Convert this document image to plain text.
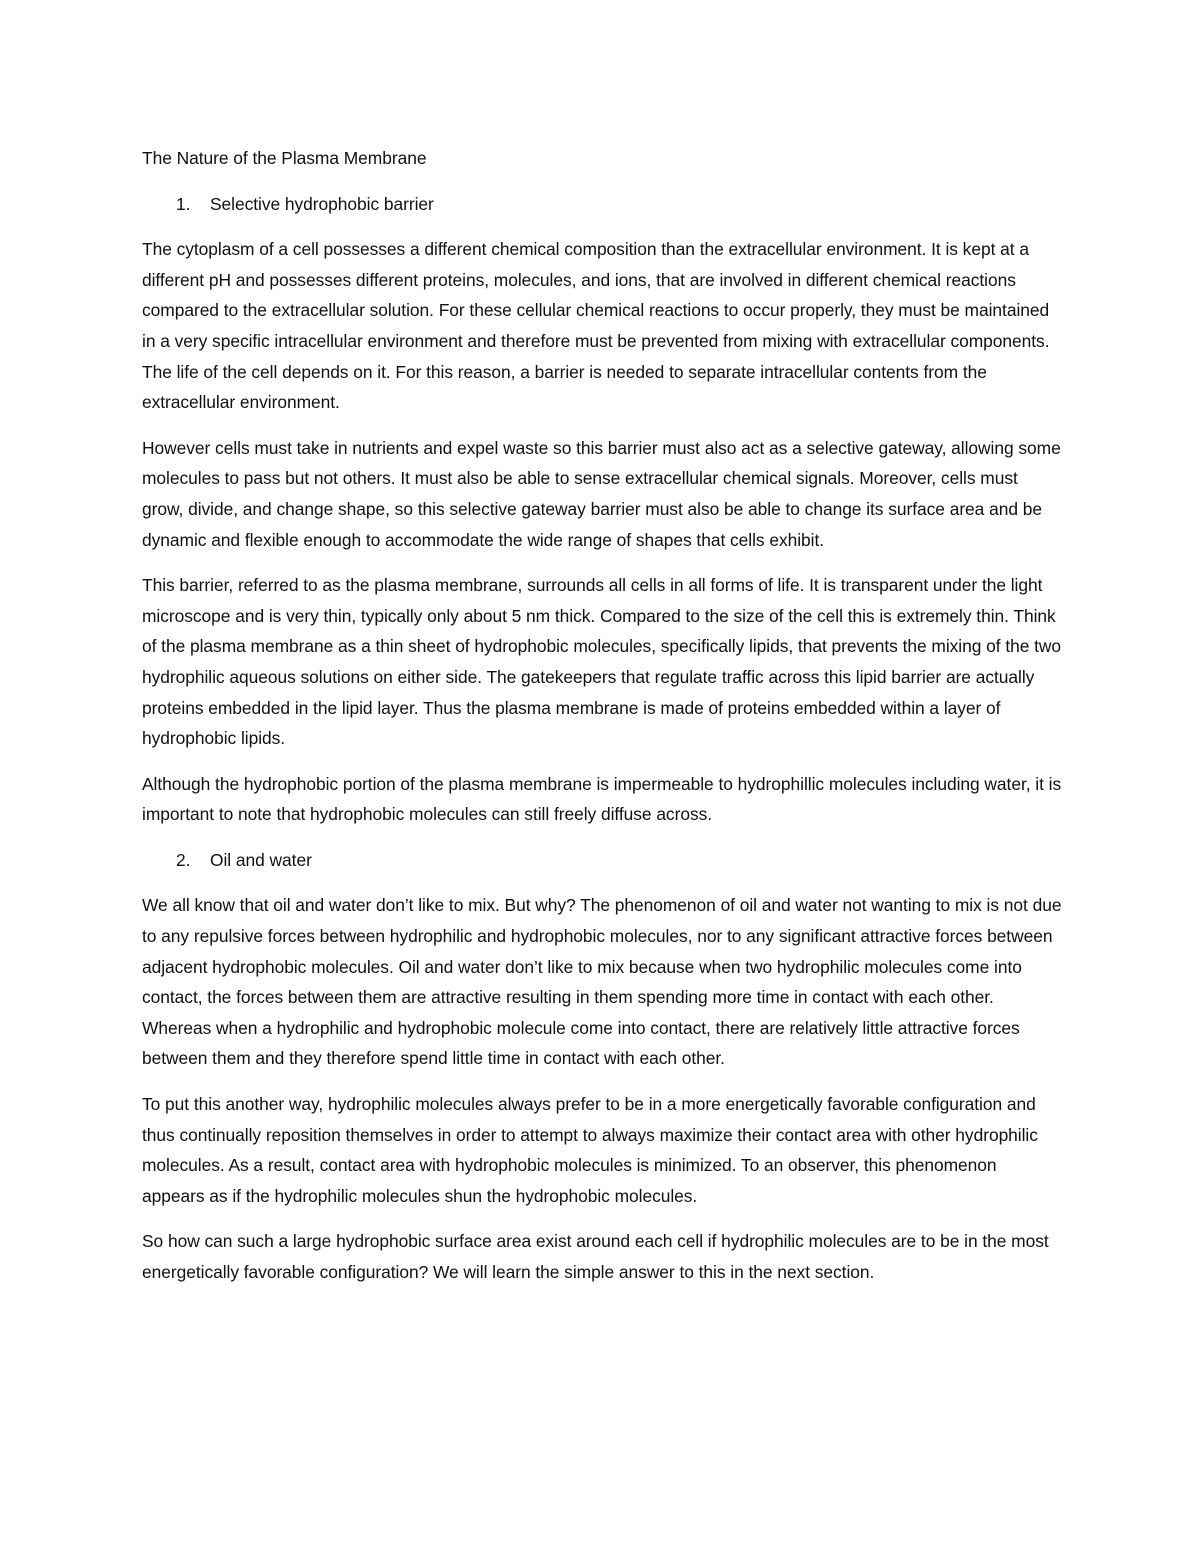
The Nature of the Plasma Membrane
1.	Selective hydrophobic barrier

The cytoplasm of a cell possesses a different chemical composition than the extracellular environment. It is kept at a different pH and possesses different proteins, molecules, and ions, that are involved in different chemical reactions compared to the extracellular solution. For these cellular chemical reactions to occur properly, they must be maintained in a very specific intracellular environment and therefore must be prevented from mixing with extracellular components. The life of the cell depends on it. For this reason, a barrier is needed to separate intracellular contents from the extracellular environment.

However cells must take in nutrients and expel waste so this barrier must also act as a selective gateway, allowing some molecules to pass but not others. It must also be able to sense extracellular chemical signals. Moreover, cells must grow, divide, and change shape, so this selective gateway barrier must also be able to change its surface area and be dynamic and flexible enough to accommodate the wide range of shapes that cells exhibit.

This barrier, referred to as the plasma membrane, surrounds all cells in all forms of life. It is transparent under the light microscope and is very thin, typically only about 5 nm thick. Compared to the size of the cell this is extremely thin. Think of the plasma membrane as a thin sheet of hydrophobic molecules, specifically lipids, that prevents the mixing of the two hydrophilic aqueous solutions on either side. The gatekeepers that regulate traffic across this lipid barrier are actually proteins embedded in the lipid layer. Thus the plasma membrane is made of proteins embedded within a layer of hydrophobic lipids.

Although the hydrophobic portion of the plasma membrane is impermeable to hydrophillic molecules including water, it is important to note that hydrophobic molecules can still freely diffuse across.

2.	Oil and water

We all know that oil and water don’t like to mix. But why? The phenomenon of oil and water not wanting to mix is not due to any repulsive forces between hydrophilic and hydrophobic molecules, nor to any significant attractive forces between adjacent hydrophobic molecules. Oil and water don’t like to mix because when two hydrophilic molecules come into contact, the forces between them are attractive resulting in them spending more time in contact with each other. Whereas when a hydrophilic and hydrophobic molecule come into contact, there are relatively little attractive forces between them and they therefore spend little time in contact with each other.

To put this another way, hydrophilic molecules always prefer to be in a more energetically favorable configuration and thus continually reposition themselves in order to attempt to always maximize their contact area with other hydrophilic molecules. As a result, contact area with hydrophobic molecules is minimized. To an observer, this phenomenon appears as if the hydrophilic molecules shun the hydrophobic molecules.

So how can such a large hydrophobic surface area exist around each cell if hydrophilic molecules are to be in the most energetically favorable configuration? We will learn the simple answer to this in the next section.
